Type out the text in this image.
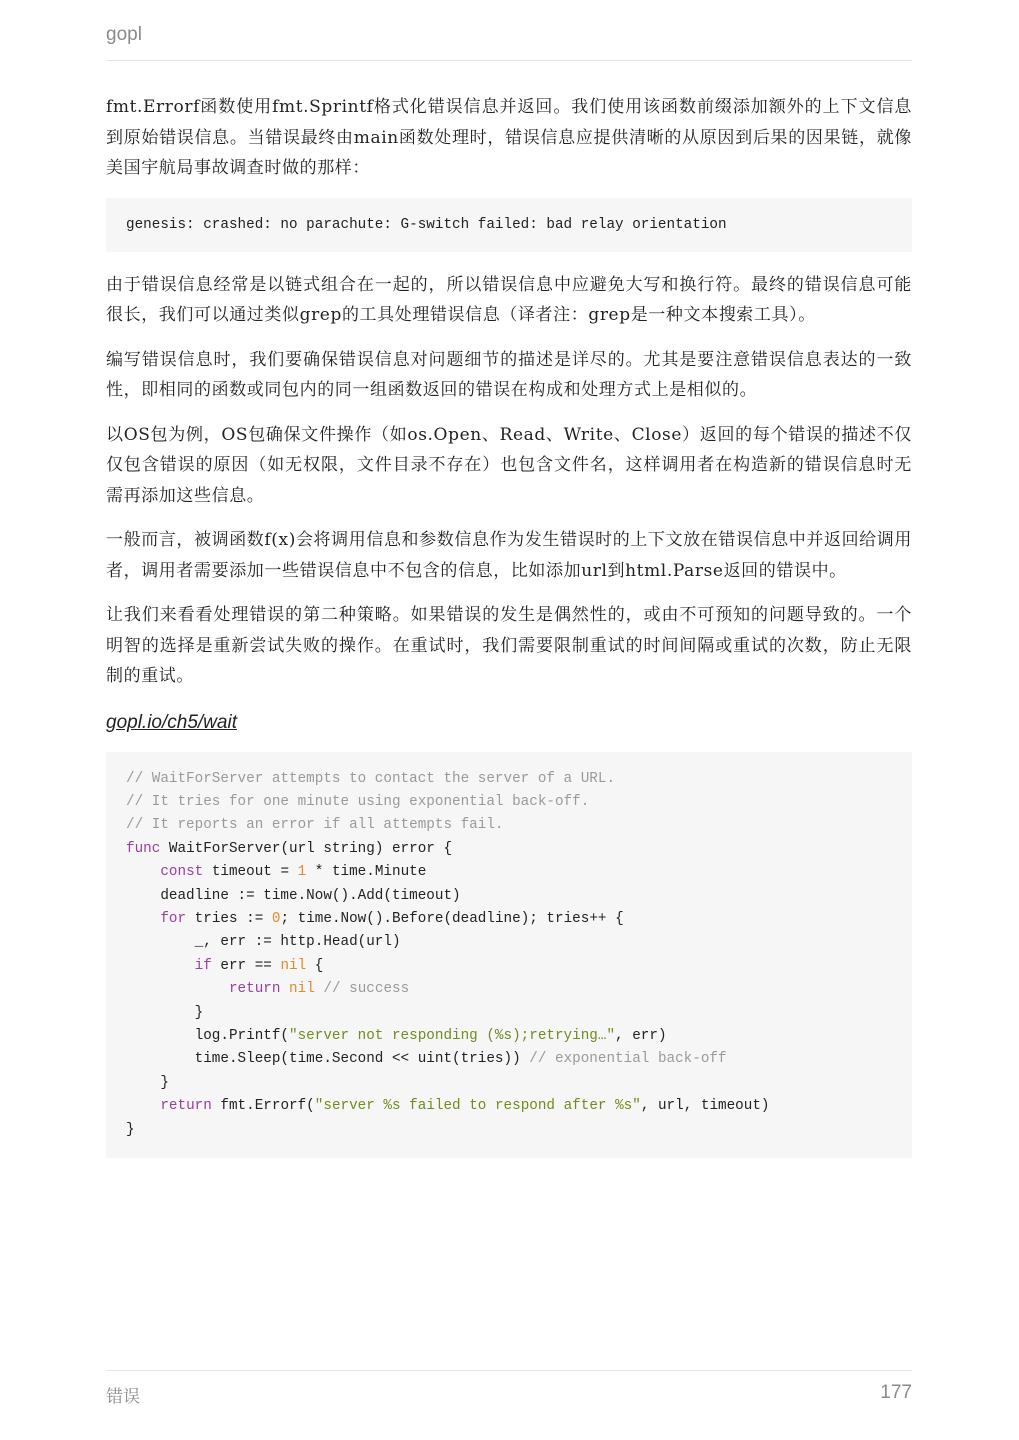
gopl

fmt.Errorf函数使用fmt.Sprintf格式化错误信息并返回。我们使用该函数前缀添加额外的上下文信息到原始错误信息。当错误最终由main函数处理时，错误信息应提供清晰的从原因到后果的因果链，就像美国宇航局事故调查时做的那样：

genesis: crashed: no parachute: G-switch failed: bad relay orientation

由于错误信息经常是以链式组合在一起的，所以错误信息中应避免大写和换行符。最终的错误信息可能很长，我们可以通过类似grep的工具处理错误信息（译者注：grep是一种文本搜索工具）。

编写错误信息时，我们要确保错误信息对问题细节的描述是详尽的。尤其是要注意错误信息表达的一致性，即相同的函数或同包内的同一组函数返回的错误在构成和处理方式上是相似的。

以OS包为例，OS包确保文件操作（如os.Open、Read、Write、Close）返回的每个错误的描述不仅仅包含错误的原因（如无权限，文件目录不存在）也包含文件名，这样调用者在构造新的错误信息时无需再添加这些信息。

一般而言，被调函数f(x)会将调用信息和参数信息作为发生错误时的上下文放在错误信息中并返回给调用者，调用者需要添加一些错误信息中不包含的信息，比如添加url到html.Parse返回的错误中。

让我们来看看处理错误的第二种策略。如果错误的发生是偶然性的，或由不可预知的问题导致的。一个明智的选择是重新尝试失败的操作。在重试时，我们需要限制重试的时间间隔或重试的次数，防止无限制的重试。

gopl.io/ch5/wait
// WaitForServer attempts to contact the server of a URL.
// It tries for one minute using exponential back-off.
// It reports an error if all attempts fail.
func WaitForServer(url string) error {
const timeout = 1 * time.Minute
deadline := time.Now().Add(timeout)
for tries := 0; time.Now().Before(deadline); tries++ {
_, err := http.Head(url)
if err == nil {
return nil // success
}
log.Printf("server not responding (%s);retrying…", err)
time.Sleep(time.Second << uint(tries)) // exponential back-off
}
return fmt.Errorf("server %s failed to respond after %s", url, timeout)
}
错误	177
